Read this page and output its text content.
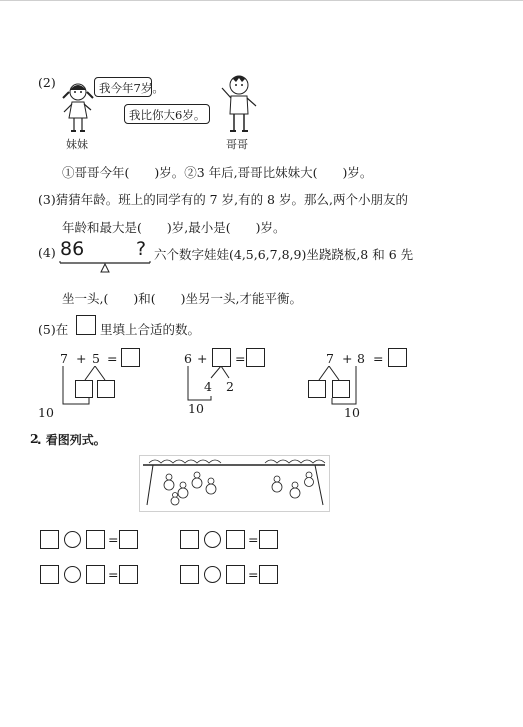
(2)	我今年7岁。
我比你大6岁。
妹妹	哥哥
①哥哥今年(　　)岁。②3 年后,哥哥比妹妹大(　　)岁。
(3)猜猜年龄。班上的同学有的 7 岁,有的 8 岁。那么,两个小朋友的
年龄和最大是(　　)岁,最小是(　　)岁。
(4) 86	? 六个数字娃娃(4,5,6,7,8,9)坐跷跷板,8 和 6 先
坐一头,(　　)和(　　)坐另一头,才能平衡。
(5)在	里填上合适的数。
7 + 5 =
10
6 + =
4 2
10
7 + 8 =
10
2
. 看图列式。
=	=
=	=
